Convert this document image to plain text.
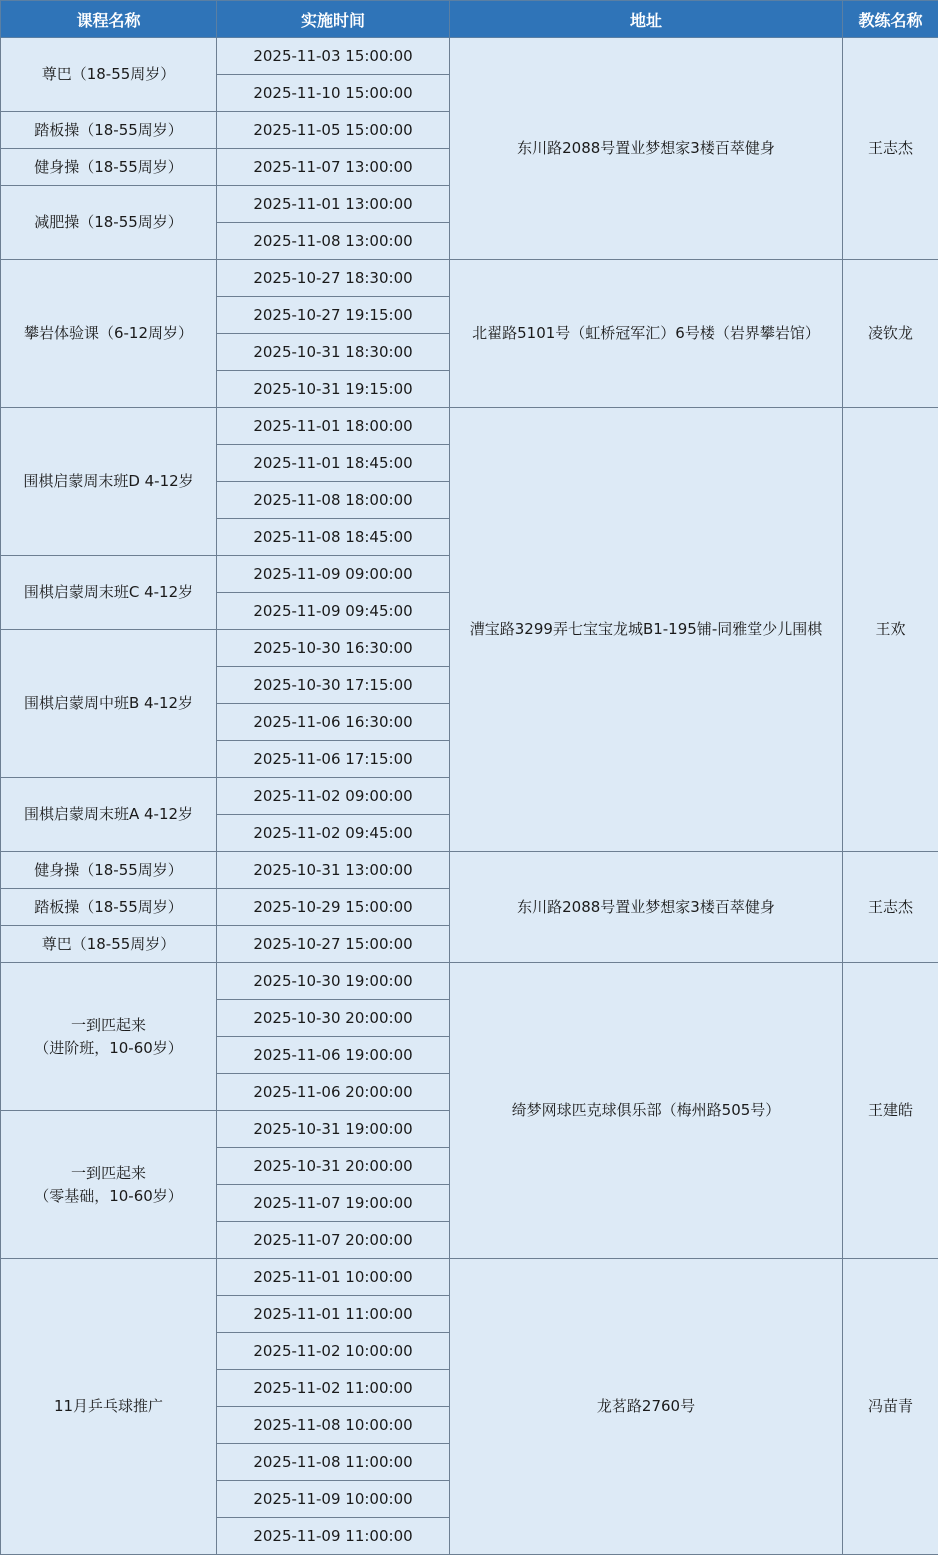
课程名称	实施时间	地址	教练名称
尊巴（18-55周岁）	2025-11-03 15:00:00	东川路2088号置业梦想家3楼百萃健身	王志杰
	2025-11-10 15:00:00		
踏板操（18-55周岁）	2025-11-05 15:00:00		
健身操（18-55周岁）	2025-11-07 13:00:00		
减肥操（18-55周岁）	2025-11-01 13:00:00		
	2025-11-08 13:00:00		
攀岩体验课（6-12周岁）	2025-10-27 18:30:00	北翟路5101号（虹桥冠军汇）6号楼（岩界攀岩馆）	凌钦龙
	2025-10-27 19:15:00		
	2025-10-31 18:30:00		
	2025-10-31 19:15:00		
围棋启蒙周末班D 4-12岁	2025-11-01 18:00:00	漕宝路3299弄七宝宝龙城B1-195铺-同雅堂少儿围棋	王欢
	2025-11-01 18:45:00		
	2025-11-08 18:00:00		
	2025-11-08 18:45:00		
围棋启蒙周末班C 4-12岁	2025-11-09 09:00:00		
	2025-11-09 09:45:00		
围棋启蒙周中班B 4-12岁	2025-10-30 16:30:00		
	2025-10-30 17:15:00		
	2025-11-06 16:30:00		
	2025-11-06 17:15:00		
围棋启蒙周末班A 4-12岁	2025-11-02 09:00:00		
	2025-11-02 09:45:00		
健身操（18-55周岁）	2025-10-31 13:00:00	东川路2088号置业梦想家3楼百萃健身	王志杰
踏板操（18-55周岁）	2025-10-29 15:00:00		
尊巴（18-55周岁）	2025-10-27 15:00:00		
一到匹起来
（进阶班，10-60岁）	2025-10-30 19:00:00	绮梦网球匹克球俱乐部（梅州路505号）	王建皓
	2025-10-30 20:00:00		
	2025-11-06 19:00:00		
	2025-11-06 20:00:00		
一到匹起来
（零基础，10-60岁）	2025-10-31 19:00:00		
	2025-10-31 20:00:00		
	2025-11-07 19:00:00		
	2025-11-07 20:00:00		
11月乒乓球推广	2025-11-01 10:00:00	龙茗路2760号	冯苗青
	2025-11-01 11:00:00		
	2025-11-02 10:00:00		
	2025-11-02 11:00:00		
	2025-11-08 10:00:00		
	2025-11-08 11:00:00		
	2025-11-09 10:00:00		
	2025-11-09 11:00:00		
